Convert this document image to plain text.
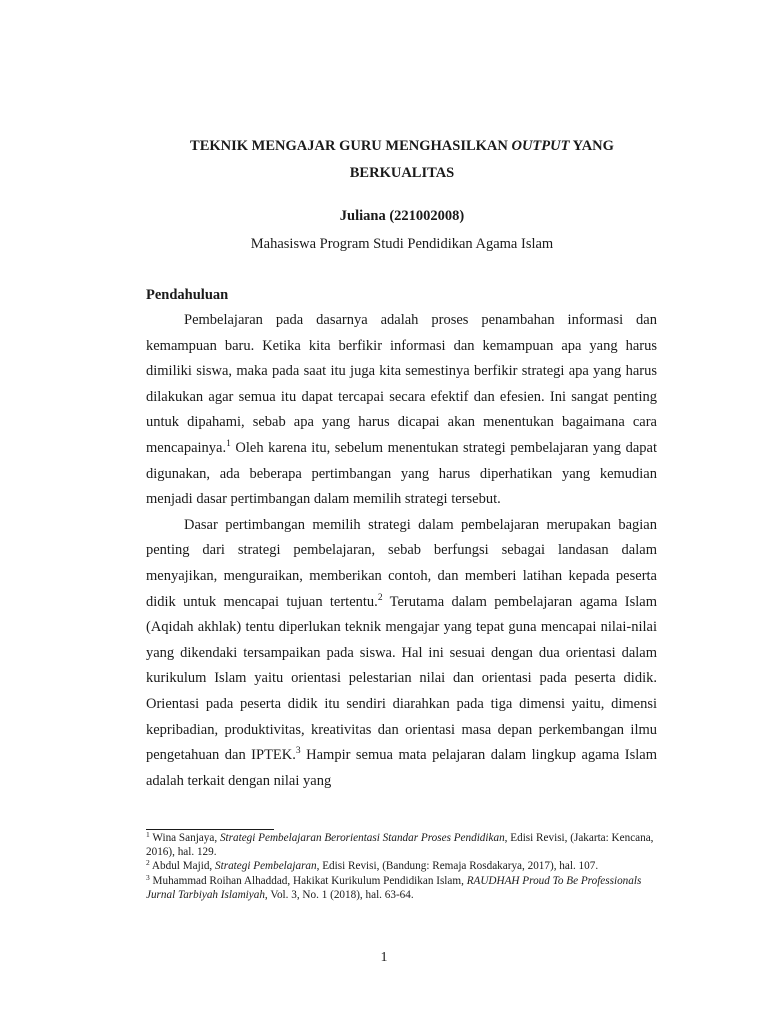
TEKNIK MENGAJAR GURU MENGHASILKAN OUTPUT YANG
BERKUALITAS
Juliana (221002008)
Mahasiswa Program Studi Pendidikan Agama Islam
Pendahuluan

Pembelajaran pada dasarnya adalah proses penambahan informasi dan kemampuan baru. Ketika kita berfikir informasi dan kemampuan apa yang harus dimiliki siswa, maka pada saat itu juga kita semestinya berfikir strategi apa yang harus dilakukan agar semua itu dapat tercapai secara efektif dan efesien. Ini sangat penting untuk dipahami, sebab apa yang harus dicapai akan menentukan bagaimana cara mencapainya.$^1$ Oleh karena itu, sebelum menentukan strategi pembelajaran yang dapat digunakan, ada beberapa pertimbangan yang harus diperhatikan yang kemudian menjadi dasar pertimbangan dalam memilih strategi tersebut.

Dasar pertimbangan memilih strategi dalam pembelajaran merupakan bagian penting dari strategi pembelajaran, sebab berfungsi sebagai landasan dalam menyajikan, menguraikan, memberikan contoh, dan memberi latihan kepada peserta didik untuk mencapai tujuan tertentu.$^2$ Terutama dalam pembelajaran agama Islam (Aqidah akhlak) tentu diperlukan teknik mengajar yang tepat guna mencapai nilai-nilai yang dikendaki tersampaikan pada siswa. Hal ini sesuai dengan dua orientasi dalam kurikulum Islam yaitu orientasi pelestarian nilai dan orientasi pada peserta didik. Orientasi pada peserta didik itu sendiri diarahkan pada tiga dimensi yaitu, dimensi kepribadian, produktivitas, kreativitas dan orientasi masa depan perkembangan ilmu pengetahuan dan IPTEK.$^3$ Hampir semua mata pelajaran dalam lingkup agama Islam adalah terkait dengan nilai yang

$^1$ Wina Sanjaya, Strategi Pembelajaran Berorientasi Standar Proses Pendidikan, Edisi Revisi, (Jakarta: Kencana, 2016), hal. 129.

$^2$ Abdul Majid, Strategi Pembelajaran, Edisi Revisi, (Bandung: Remaja Rosdakarya, 2017), hal. 107.

$^3$ Muhammad Roihan Alhaddad, Hakikat Kurikulum Pendidikan Islam, RAUDHAH Proud To Be Professionals Jurnal Tarbiyah Islamiyah, Vol. 3, No. 1 (2018), hal. 63-64.

1
